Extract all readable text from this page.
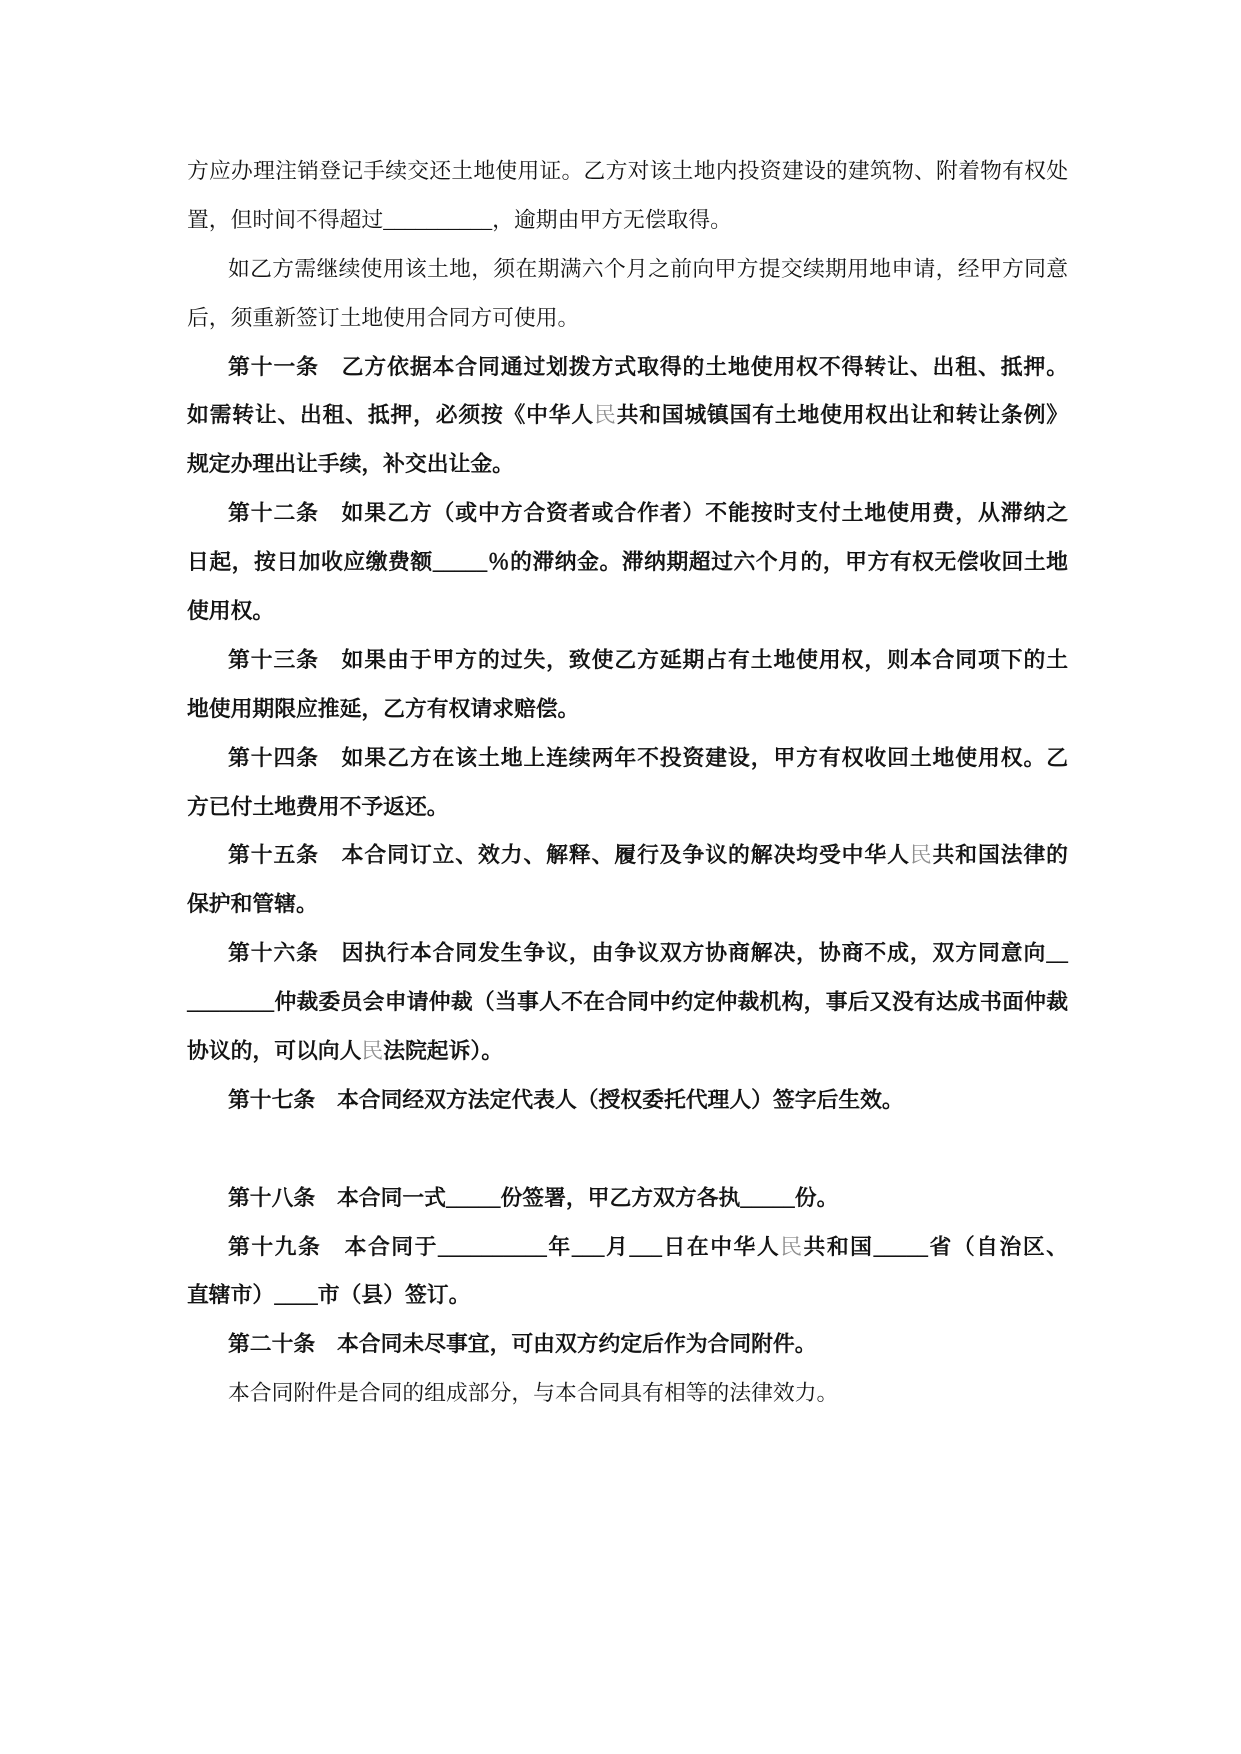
方应办理注销登记手续交还土地使用证。乙方对该土地内投资建设的建筑物、附着物有权处
置，但时间不得超过__________，逾期由甲方无偿取得。
如乙方需继续使用该土地，须在期满六个月之前向甲方提交续期用地申请，经甲方同意
后，须重新签订土地使用合同方可使用。
第十一条　乙方依据本合同通过划拨方式取得的土地使用权不得转让、出租、抵押。
如需转让、出租、抵押，必须按《中华人民共和国城镇国有土地使用权出让和转让条例》
规定办理出让手续，补交出让金。
第十二条　如果乙方（或中方合资者或合作者）不能按时支付土地使用费，从滞纳之
日起，按日加收应缴费额_____％的滞纳金。滞纳期超过六个月的，甲方有权无偿收回土地
使用权。
第十三条　如果由于甲方的过失，致使乙方延期占有土地使用权，则本合同项下的土
地使用期限应推延，乙方有权请求赔偿。
第十四条　如果乙方在该土地上连续两年不投资建设，甲方有权收回土地使用权。乙
方已付土地费用不予返还。
第十五条　本合同订立、效力、解释、履行及争议的解决均受中华人民共和国法律的
保护和管辖。
第十六条　因执行本合同发生争议，由争议双方协商解决，协商不成，双方同意向__
________仲裁委员会申请仲裁（当事人不在合同中约定仲裁机构，事后又没有达成书面仲裁
协议的，可以向人民法院起诉）。
第十七条　本合同经双方法定代表人（授权委托代理人）签字后生效。

第十八条　本合同一式_____份签署，甲乙方双方各执_____份。
第十九条　本合同于__________年___月___日在中华人民共和国_____省（自治区、
直辖市）____市（县）签订。
第二十条　本合同未尽事宜，可由双方约定后作为合同附件。
本合同附件是合同的组成部分，与本合同具有相等的法律效力。
